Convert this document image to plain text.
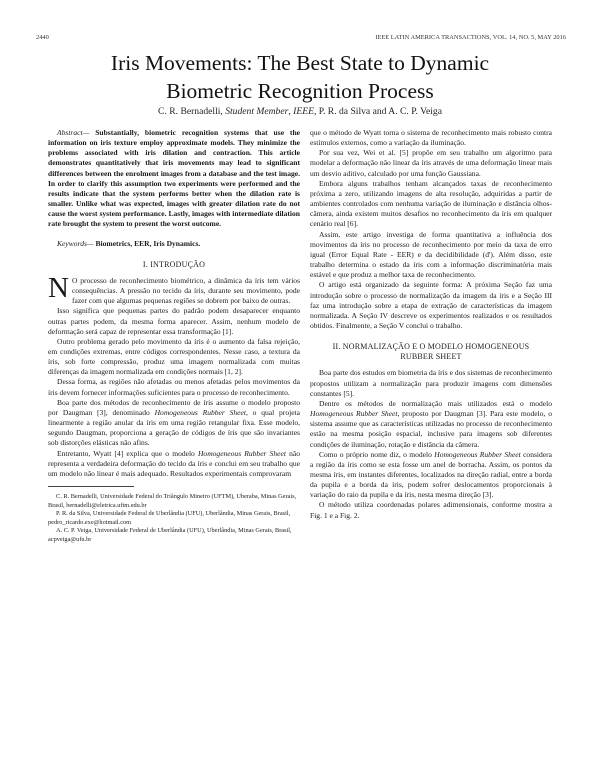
2440	IEEE LATIN AMERICA TRANSACTIONS, VOL. 14, NO. 5, MAY 2016
Iris Movements: The Best State to Dynamic
Biometric Recognition Process
C. R. Bernadelli, Student Member, IEEE, P. R. da Silva and A. C. P. Veiga

Abstract— Substantially, biometric recognition systems that use the information on iris texture employ approximate models. They minimize the problems associated with iris dilation and contraction. This article demonstrates quantitatively that iris movements may lead to significant differences between the enrolment images from a database and the test image. In order to clarify this assumption two experiments were performed and the results indicate that the system performs better when the dilation rate is smaller. Unlike what was expected, images with greater dilation rate do not cause the worst system performance. Lastly, images with intermediate dilation rate brought the system to present the worst outcome.

Keywords— Biometrics, EER, Iris Dynamics.

I. INTRODUÇÃO

N O processo de reconhecimento biométrico, a dinâmica da íris tem vários consequências. A pressão no tecido da íris, durante seu movimento, pode fazer com que algumas pequenas regiões se dobrem por baixo de outras.

Isso significa que pequenas partes do padrão podem desaparecer enquanto outras partes podem, da mesma forma aparecer. Assim, nenhum modelo de deformação será capaz de representar essa transformação [1].

Outro problema gerado pelo movimento da íris é o aumento da falsa rejeição, em condições extremas, entre códigos correspondentes. Nesse caso, a textura da íris, sob forte compressão, produz uma imagem normalizada com muitas diferenças da imagem normalizada em condições normais [1, 2].

Dessa forma, as regiões não afetadas ou menos afetadas pelos movimentos da íris devem fornecer informações suficientes para o processo de reconhecimento.

Boa parte dos métodos de reconhecimento de íris assume o modelo proposto por Daugman [3], denominado Homogeneous Rubber Sheet, o qual projeta linearmente a região anular da íris em uma região retangular fixa. Esse modelo, segundo Daugman, proporciona a geração de códigos de íris que são invariantes sob distorções elásticas não afins.

Entretanto, Wyatt [4] explica que o modelo Homogeneous Rubber Sheet não representa a verdadeira deformação do tecido da íris e conclui em seu trabalho que um modelo não linear é mais adequado. Resultados experimentais comprovaram

C. R. Bernadelli, Universidade Federal do Triângulo Mineiro (UFTM), Uberaba, Minas Gerais, Brasil, bernadelli@eletrica.uftm.edu.br

P. R. da Silva, Universidade Federal de Uberlândia (UFU), Uberlândia, Minas Gerais, Brasil, pedro_ricardo.exe@hotmail.com

A. C. P. Veiga, Universidade Federal de Uberlândia (UFU), Uberlândia, Minas Gerais, Brasil, acpveiga@ufu.br

que o método de Wyatt torna o sistema de reconhecimento mais robusto contra estímulos externos, como a variação da iluminação.

Por sua vez, Wei et al. [5] propõe em seu trabalho um algoritmo para modelar a deformação não linear da íris através de uma deformação linear mais um desvio aditivo, calculado por uma função Gaussiana.

Embora alguns trabalhos tenham alcançados taxas de reconhecimento próxima a zero, utilizando imagens de alta resolução, adquiridas a partir de ambientes controlados com nenhuma variação de iluminação e distância olhos-câmera, ainda existem muitos desafios no reconhecimento da íris em qualquer cenário real [6].

Assim, este artigo investiga de forma quantitativa a influência dos movimentos da íris no processo de reconhecimento por meio da taxa de erro igual (Error Equal Rate - EER) e da decidibilidade (d'). Além disso, este trabalho determina o estado da íris com a informação discriminatória mais estável e que produz a melhor taxa de reconhecimento.

O artigo está organizado da seguinte forma: A próxima Seção faz uma introdução sobre o processo de normalização da imagem da íris e a Seção III faz uma introdução sobre a etapa de extração de características da imagem normalizada. A Seção IV descreve os experimentos realizados e os resultados obtidos. Finalmente, a Seção V conclui o trabalho.

II. NORMALIZAÇÃO E O MODELO HOMOGENEOUS
RUBBER SHEET

Boa parte dos estudos em biometria da íris e dos sistemas de reconhecimento propostos utilizam a normalização para produzir imagens com dimensões constantes [5].

Dentre os métodos de normalização mais utilizados está o modelo Homogeneous Rubber Sheet, proposto por Daugman [3]. Para este modelo, o sistema assume que as características utilizadas no processo de reconhecimento estão na mesma posição espacial, inclusive para imagens sob diferentes condições de iluminação, rotação e distância da câmera.

Como o próprio nome diz, o modelo Homogeneous Rubber Sheet considera a região da íris como se esta fosse um anel de borracha. Assim, os pontos da mesma íris, em instantes diferentes, localizados na direção radial, entre a borda da pupila e a borda da íris, podem sofrer deslocamentos proporcionais à variação do raio da pupila e da íris, nesta mesma direção [3].

O método utiliza coordenadas polares adimensionais, conforme mostra a Fig. 1 e a Fig. 2.
